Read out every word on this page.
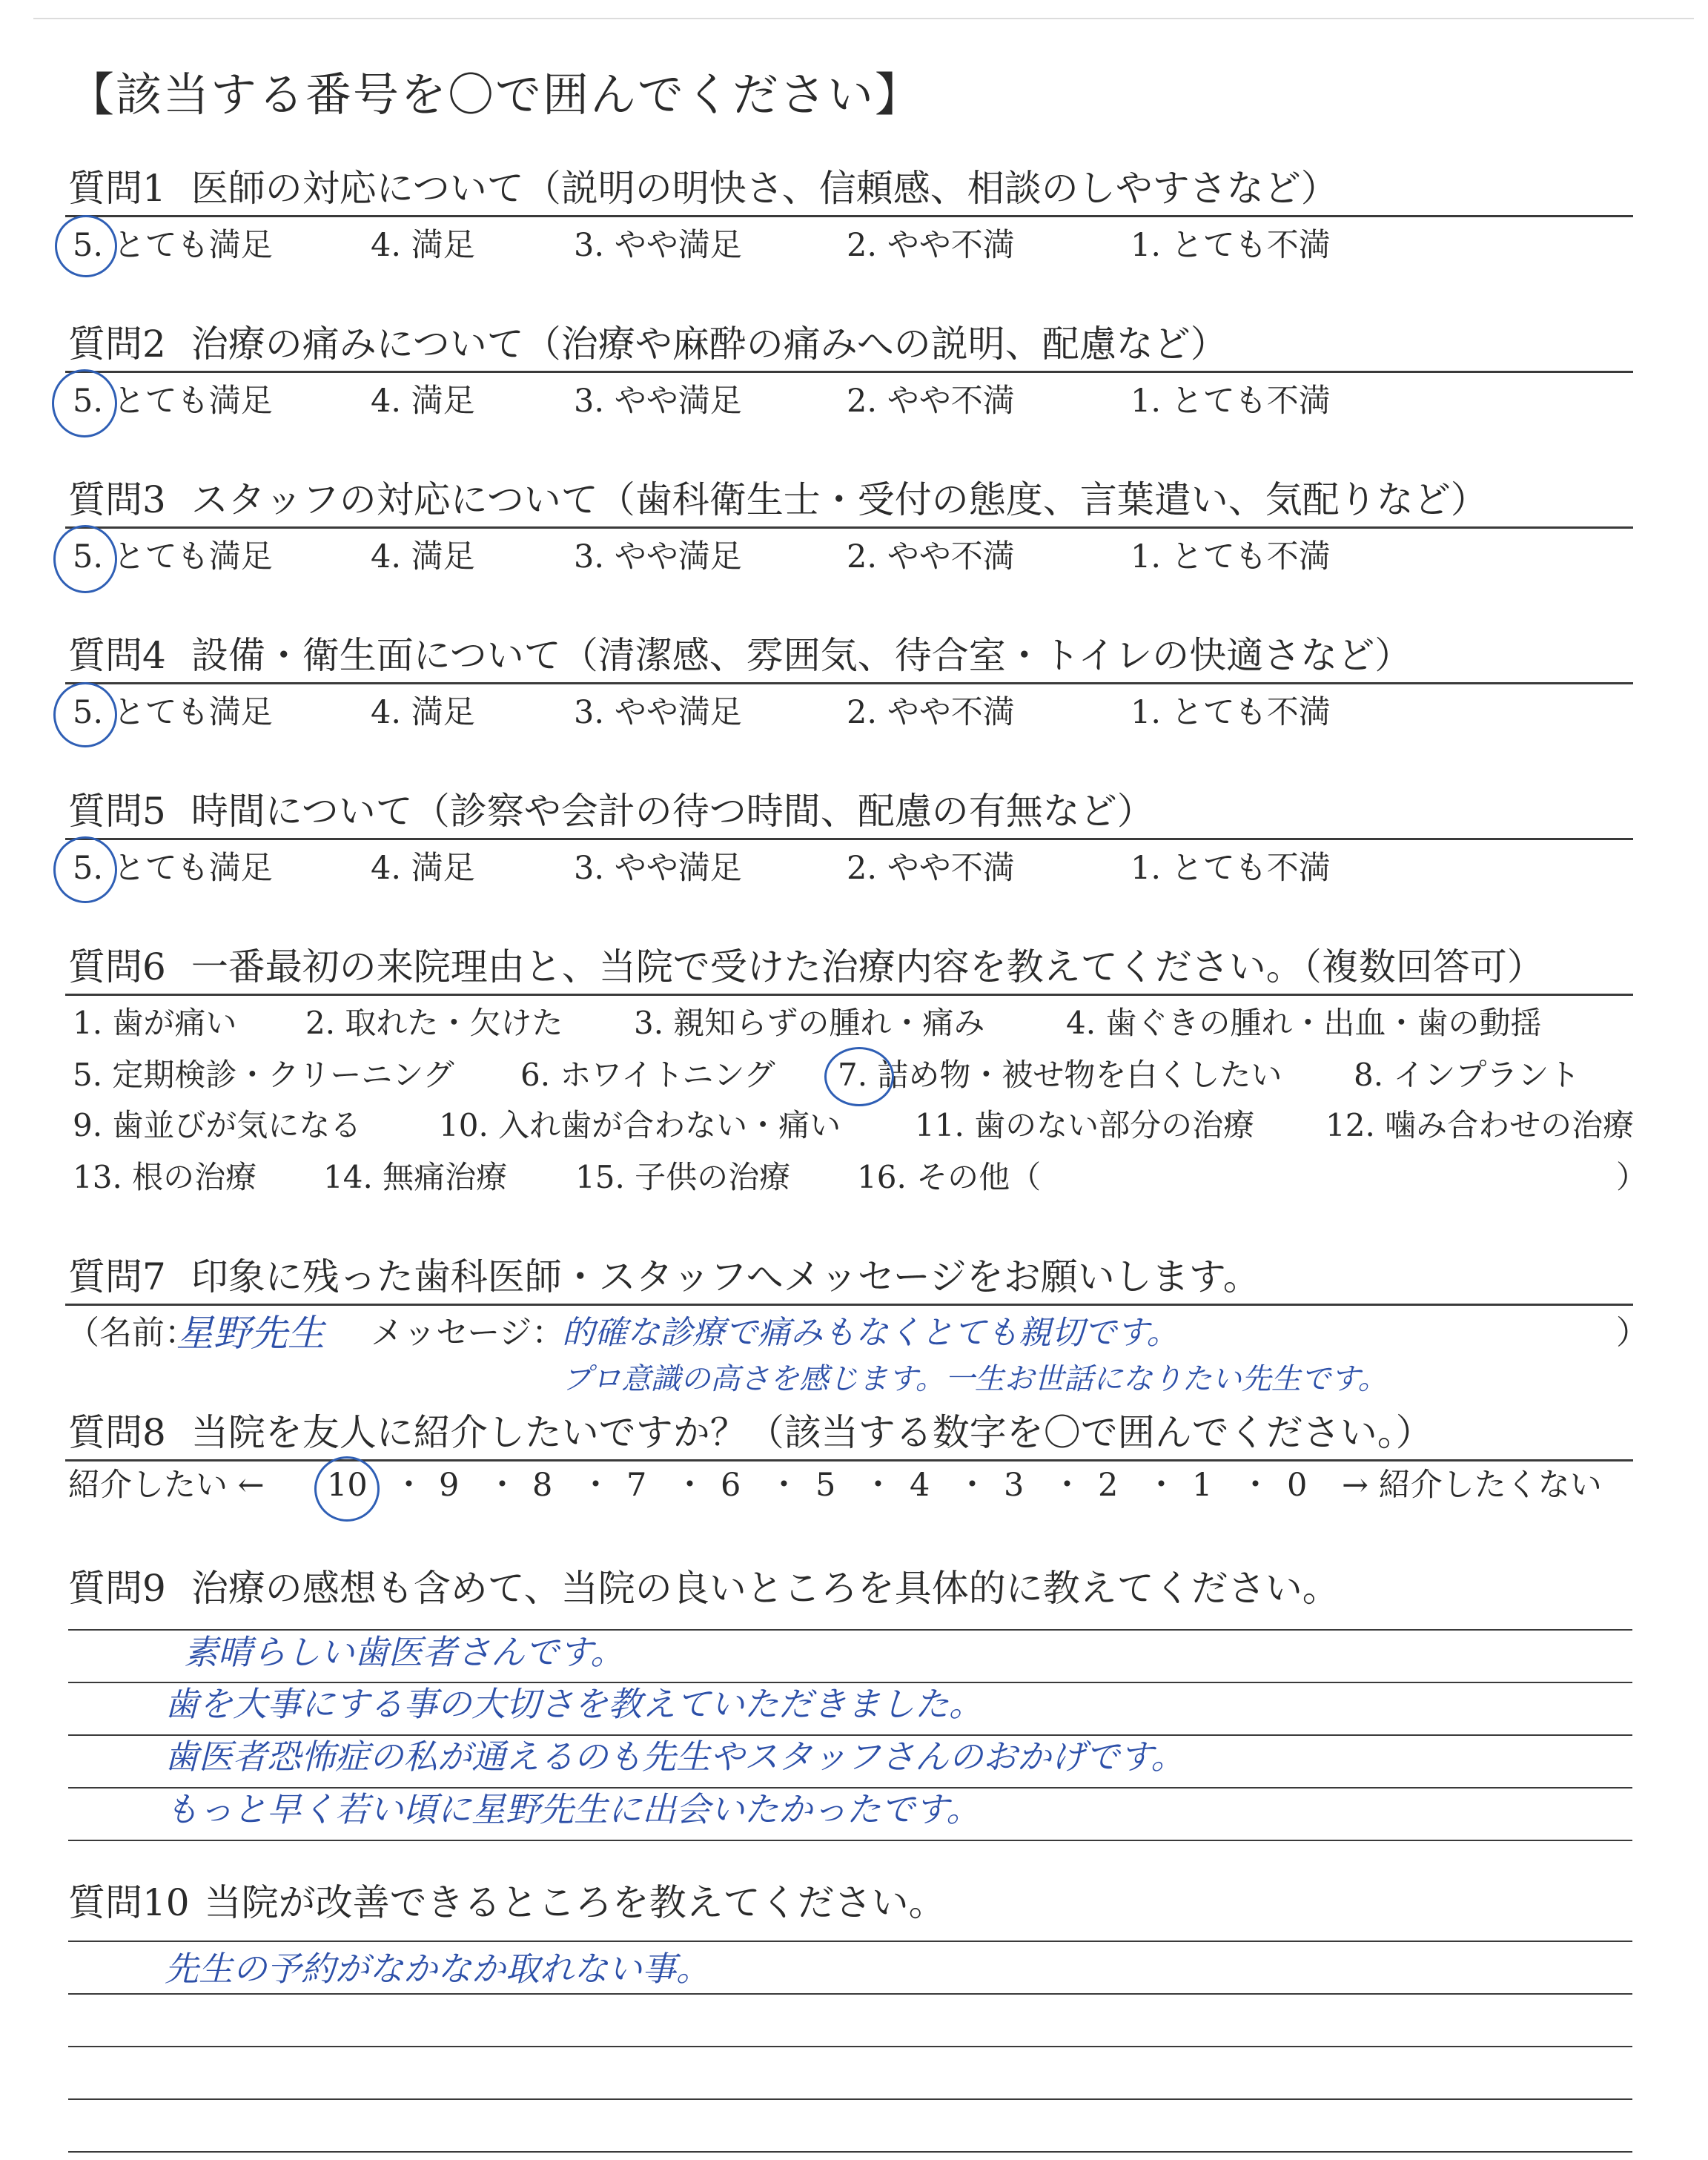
【該当する番号を〇で囲んでください】
質問1 医師の対応について（説明の明快さ、信頼感、相談のしやすさなど）
5. とても満足	4. 満足	3. やや満足	2. やや不満	1. とても不満
質問2 治療の痛みについて（治療や麻酔の痛みへの説明、配慮など）
5. とても満足	4. 満足	3. やや満足	2. やや不満	1. とても不満
質問3 スタッフの対応について（歯科衛生士・受付の態度、言葉遣い、気配りなど）
5. とても満足	4. 満足	3. やや満足	2. やや不満	1. とても不満
質問4 設備・衛生面について（清潔感、雰囲気、待合室・トイレの快適さなど）
5. とても満足	4. 満足	3. やや満足	2. やや不満	1. とても不満
質問5 時間について（診察や会計の待つ時間、配慮の有無など）
5. とても満足	4. 満足	3. やや満足	2. やや不満	1. とても不満
質問6 一番最初の来院理由と、当院で受けた治療内容を教えてください。（複数回答可）
1. 歯が痛い 2. 取れた・欠けた 3. 親知らずの腫れ・痛み	4. 歯ぐきの腫れ・出血・歯の動揺
5. 定期検診・クリーニング 6. ホワイトニング 7. 詰め物・被せ物を白くしたい 8. インプラント
9. 歯並びが気になる 10. 入れ歯が合わない・痛い 11. 歯のない部分の治療 12. 噛み合わせの治療
13. 根の治療 14. 無痛治療 15. 子供の治療 16. その他（	）
質問7 印象に残った歯科医師・スタッフへメッセージをお願いします。
（名前：
星野先生 メッセージ：
的確な診療で痛みもなくとても親切です。
プロ意識の高さを感じます。一生お世話になりたい先生です。
）
質問8 当院を友人に紹介したいですか？（該当する数字を〇で囲んでください。）
紹介したい ← 10 ・ 9 ・ 8 ・ 7 ・ 6 ・ 5 ・ 4 ・ 3 ・ 2 ・ 1 ・ 0 → 紹介したくない
質問9 治療の感想も含めて、当院の良いところを具体的に教えてください。
素晴らしい歯医者さんです。
歯を大事にする事の大切さを教えていただきました。
歯医者恐怖症の私が通えるのも先生やスタッフさんのおかげです。
もっと早く若い頃に星野先生に出会いたかったです。
質問10 当院が改善できるところを教えてください。
先生の予約がなかなか取れない事。
